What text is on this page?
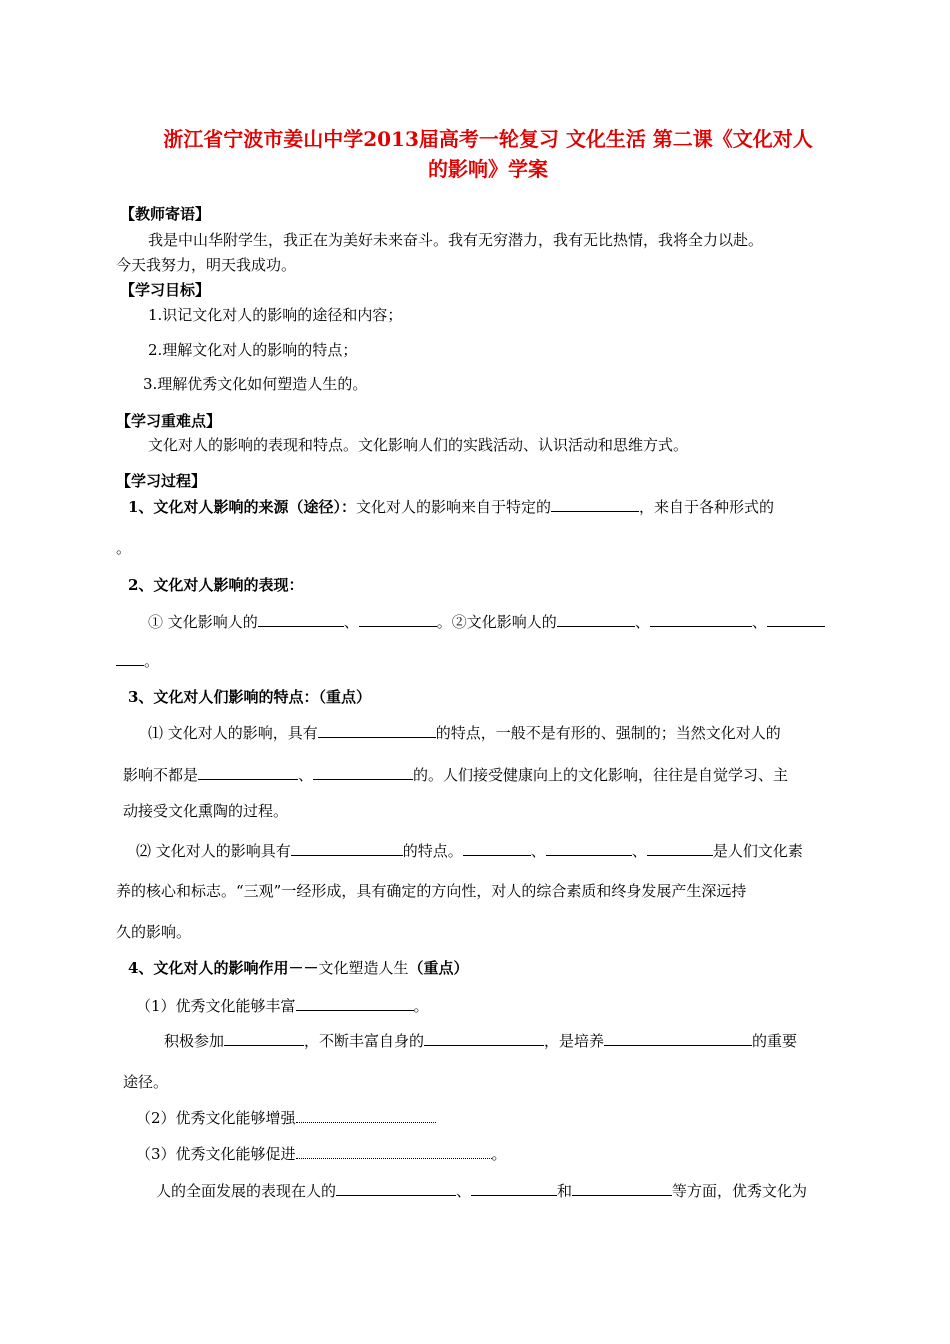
浙江省宁波市姜山中学2013届高考一轮复习 文化生活 第二课《文化对人
的影响》学案
【教师寄语】
我是中山华附学生，我正在为美好未来奋斗。我有无穷潜力，我有无比热情，我将全力以赴。
今天我努力，明天我成功。
【学习目标】
1.识记文化对人的影响的途径和内容；
2.理解文化对人的影响的特点；
3.理解优秀文化如何塑造人生的。
【学习重难点】
文化对人的影响的表现和特点。文化影响人们的实践活动、认识活动和思维方式。
【学习过程】
1、文化对人影响的来源（途径）：文化对人的影响来自于特定的	，来自于各种形式的
。
2、文化对人影响的表现：
① 文化影响人的	、	。②文化影响人的	、	、
。
3、文化对人们影响的特点：（重点）
⑴ 文化对人的影响，具有	的特点，一般不是有形的、强制的；当然文化对人的
影响不都是	、	的。人们接受健康向上的文化影响，往往是自觉学习、主
动接受文化熏陶的过程。
⑵ 文化对人的影响具有	的特点。	、	、	是人们文化素
养的核心和标志。“三观”一经形成，具有确定的方向性，对人的综合素质和终身发展产生深远持
久的影响。
4、文化对人的影响作用－－文化塑造人生（重点）
（1）优秀文化能够丰富	。
积极参加	，不断丰富自身的	，是培养	的重要
途径。
（2）优秀文化能够增强
（3）优秀文化能够促进	。
人的全面发展的表现在人的	、	和	等方面，优秀文化为
